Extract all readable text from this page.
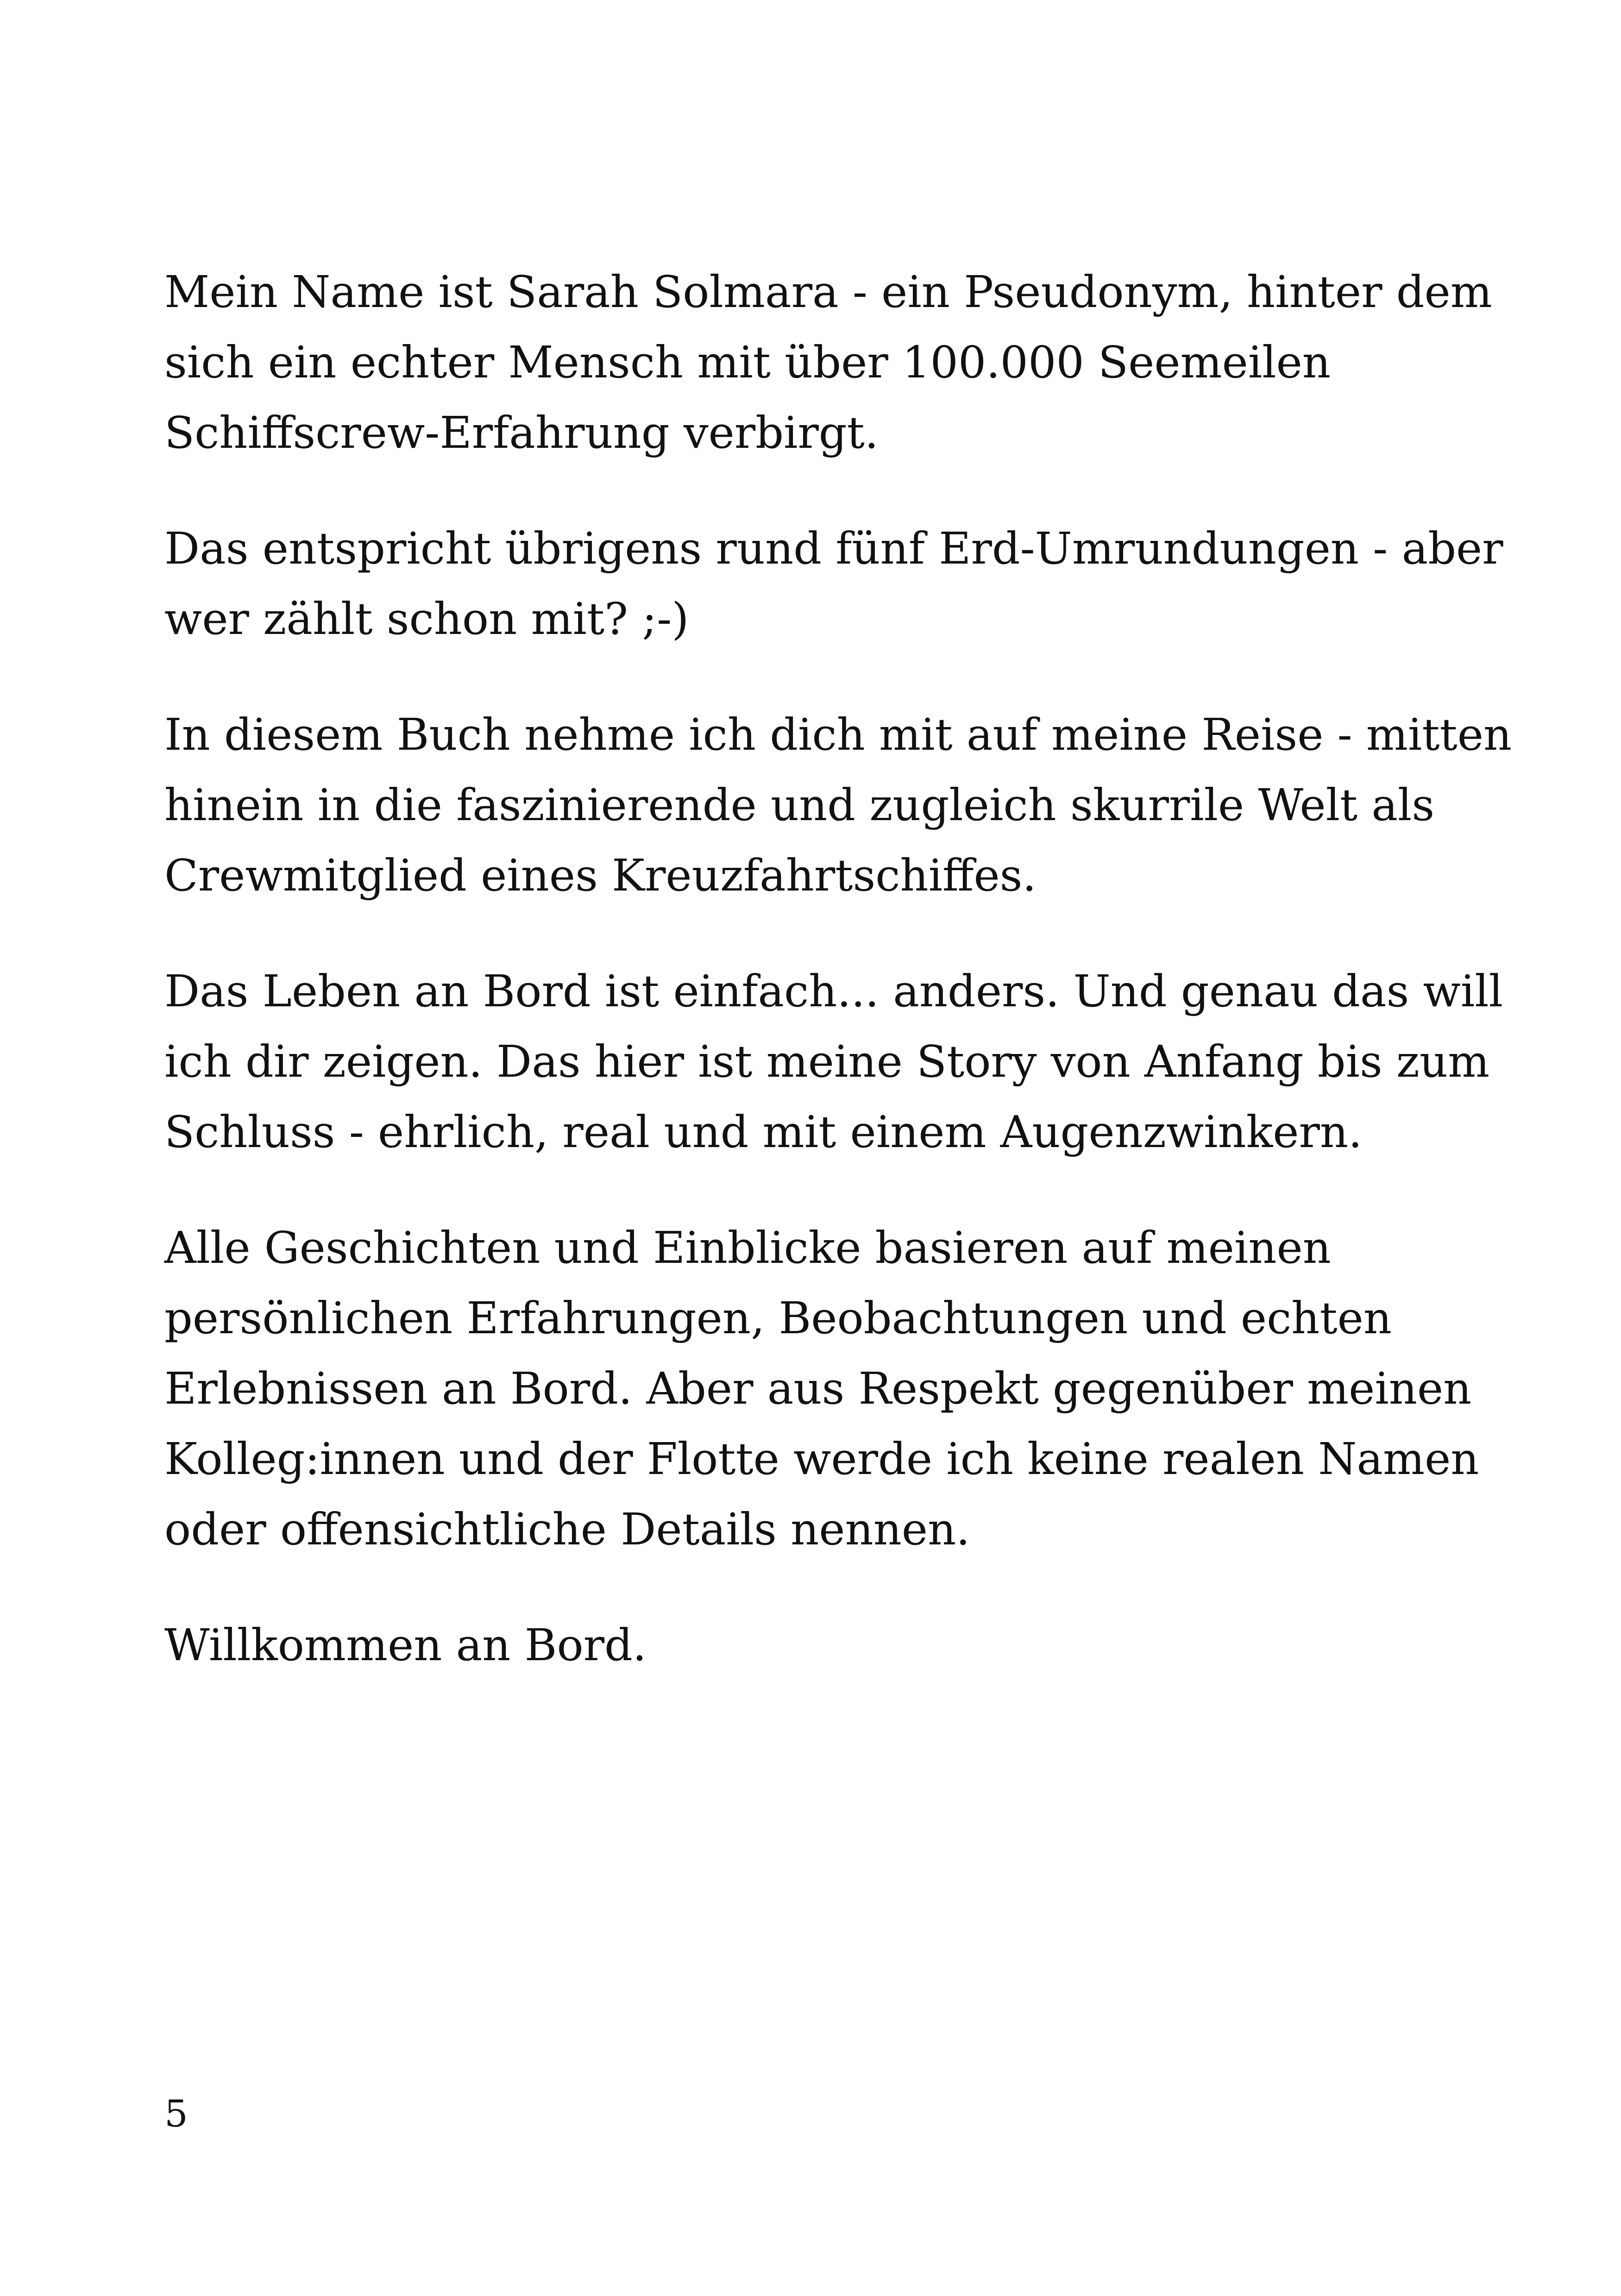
Mein Name ist Sarah Solmara - ein Pseudonym, hinter dem
sich ein echter Mensch mit über 100.000 Seemeilen
Schiffscrew-Erfahrung verbirgt.

Das entspricht übrigens rund fünf Erd-Umrundungen - aber
wer zählt schon mit? ;-)

In diesem Buch nehme ich dich mit auf meine Reise - mitten
hinein in die faszinierende und zugleich skurrile Welt als
Crewmitglied eines Kreuzfahrtschiffes.

Das Leben an Bord ist einfach... anders. Und genau das will
ich dir zeigen. Das hier ist meine Story von Anfang bis zum
Schluss - ehrlich, real und mit einem Augenzwinkern.

Alle Geschichten und Einblicke basieren auf meinen
persönlichen Erfahrungen, Beobachtungen und echten
Erlebnissen an Bord. Aber aus Respekt gegenüber meinen
Kolleg:innen und der Flotte werde ich keine realen Namen
oder offensichtliche Details nennen.

Willkommen an Bord.

5
